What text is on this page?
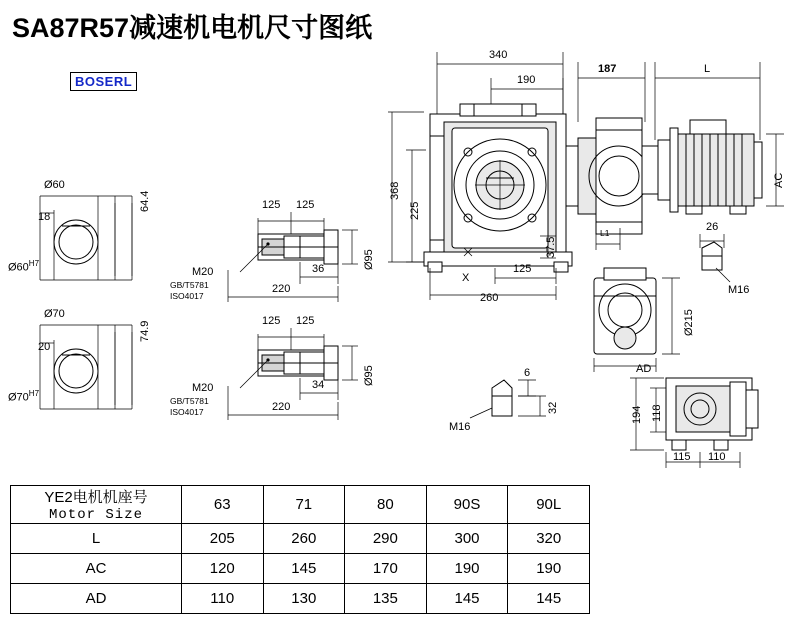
SA87R57减速机电机尺寸图纸
BOSERL
Ø60
18
64.4
$Ø60^{H7}$
Ø70
20
74.9
$Ø70^{H7}$
125 125
M20
GB/T5781
ISO4017
36
220
Ø95
125 125
M20
GB/T5781
ISO4017
34
220
Ø95
340
190
187	L
368
225
X
125
260
37.5
AC
L1
Ø215
AD
26
M16
M16
6
32	194 118
115 110
YE2电机机座号
Motor Size	63	71	80	90S	90L
L	205	260	290	300	320
AC	120	145	170	190	190
AD	110	130	135	145	145
